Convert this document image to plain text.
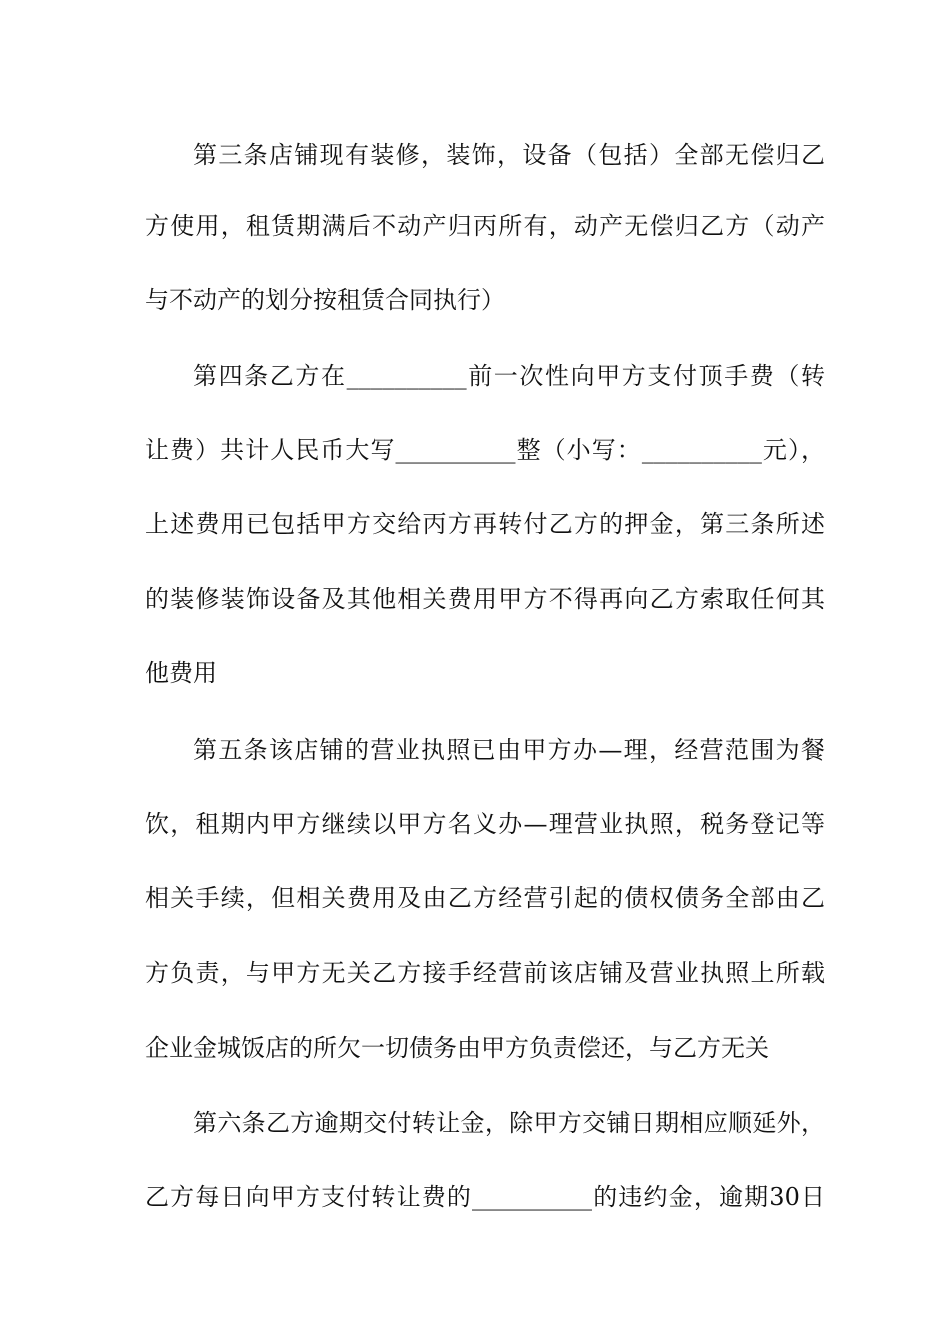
第三条店铺现有装修，装饰，设备（包括）全部无偿归乙
方使用，租赁期满后不动产归丙所有，动产无偿归乙方（动产
与不动产的划分按租赁合同执行）
第四条乙方在__________前一次性向甲方支付顶手费（转
让费）共计人民币大写__________整（小写：__________元），
上述费用已包括甲方交给丙方再转付乙方的押金，第三条所述
的装修装饰设备及其他相关费用甲方不得再向乙方索取任何其
他费用
第五条该店铺的营业执照已由甲方办—理，经营范围为餐
饮，租期内甲方继续以甲方名义办—理营业执照，税务登记等
相关手续，但相关费用及由乙方经营引起的债权债务全部由乙
方负责，与甲方无关乙方接手经营前该店铺及营业执照上所载
企业金城饭店的所欠一切债务由甲方负责偿还，与乙方无关
第六条乙方逾期交付转让金，除甲方交铺日期相应顺延外，
乙方每日向甲方支付转让费的__________的违约金，逾期30日
